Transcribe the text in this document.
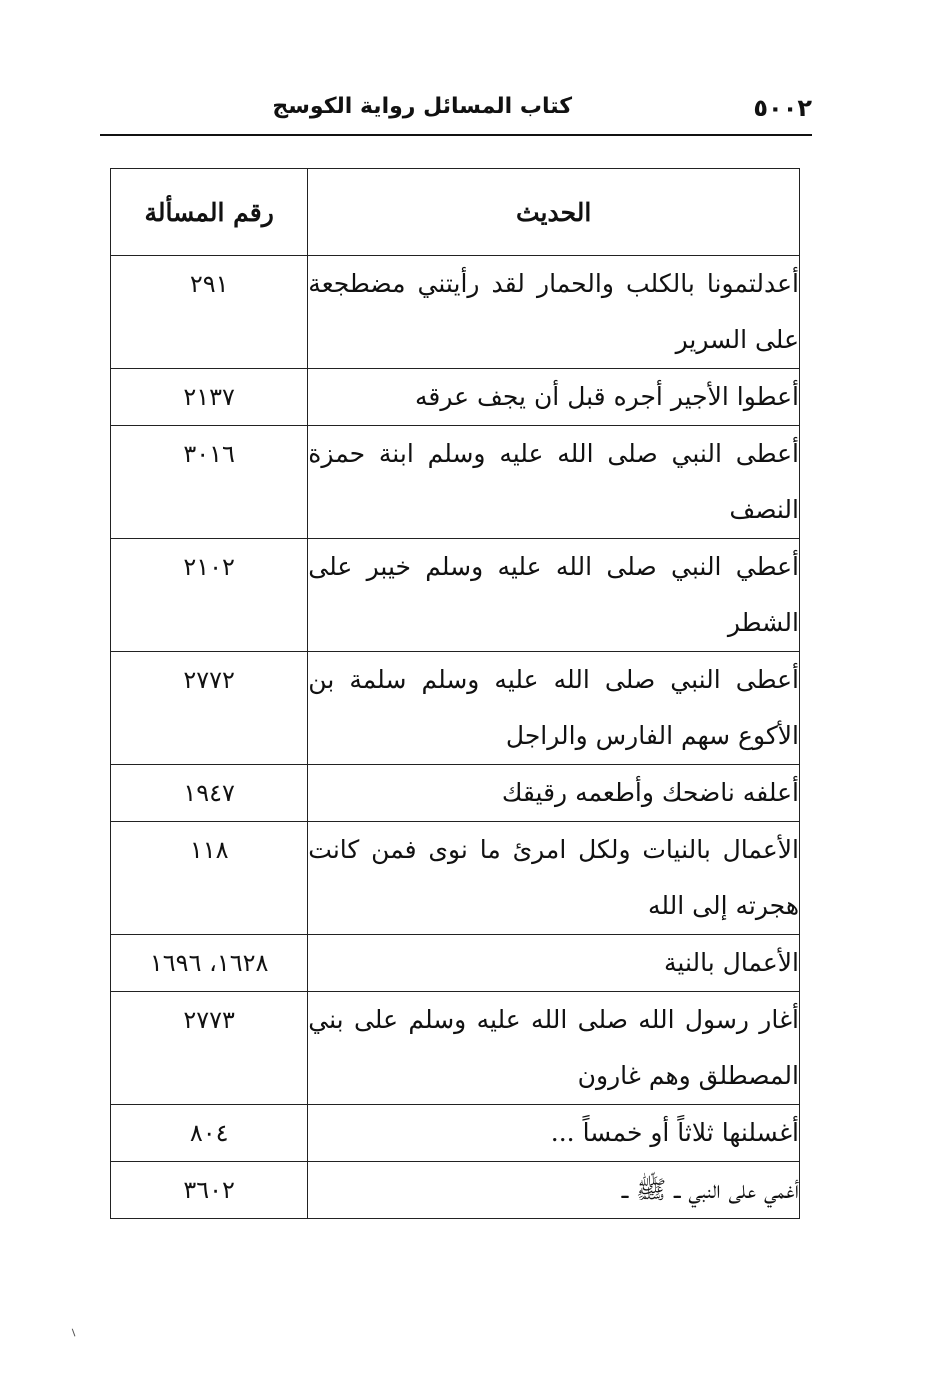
٥٠٠٢
كتاب المسائل رواية الكوسج
الحديث	رقم المسألة
أعدلتمونا بالكلب والحمار لقد رأيتني مضطجعة على السرير	٢٩١
أعطوا الأجير أجره قبل أن يجف عرقه	٢١٣٧
أعطى النبي صلى الله عليه وسلم ابنة حمزة النصف	٣٠١٦
أعطي النبي صلى الله عليه وسلم خيبر على الشطر	٢١٠٢
أعطى النبي صلى الله عليه وسلم سلمة بن الأكوع سهم الفارس والراجل	٢٧٧٢
أعلفه ناضحك وأطعمه رقيقك	١٩٤٧
الأعمال بالنيات ولكل امرئ ما نوى فمن كانت هجرته إلى الله	١١٨
الأعمال بالنية	١٦٢٨، ١٦٩٦
أغار رسول الله صلى الله عليه وسلم على بني المصطلق وهم غارون	٢٧٧٣
أغسلنها ثلاثاً أو خمساً ...	٨٠٤
أغمي على النبي ــ ﷺ ــ	٣٦٠٢
